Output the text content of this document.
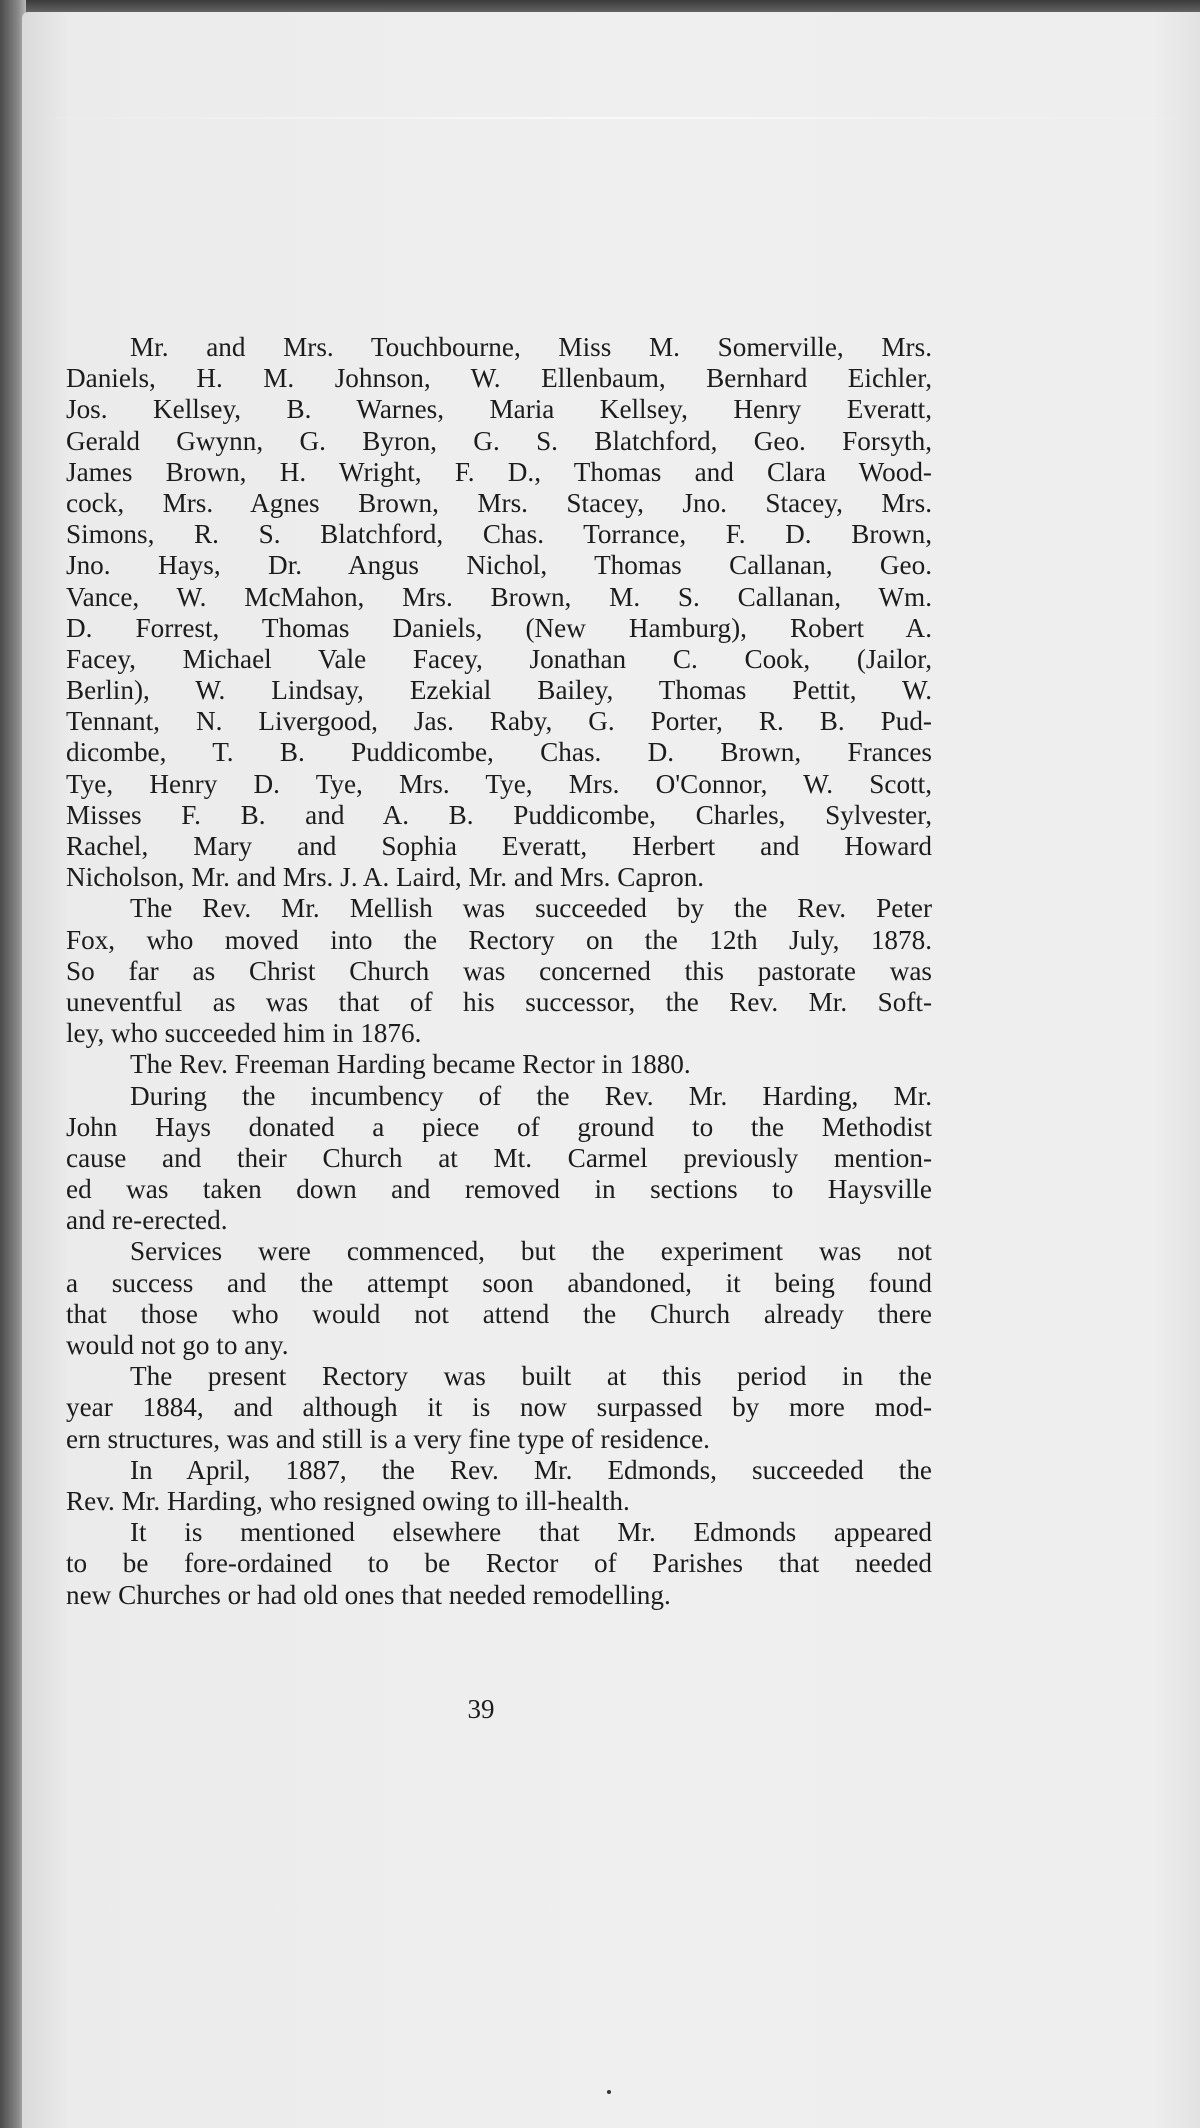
Mr. and Mrs. Touchbourne, Miss M. Somerville, Mrs.
Daniels, H. M. Johnson, W. Ellenbaum, Bernhard Eichler,
Jos. Kellsey, B. Warnes, Maria Kellsey, Henry Everatt,
Gerald Gwynn, G. Byron, G. S. Blatchford, Geo. Forsyth,
James Brown, H. Wright, F. D., Thomas and Clara Wood-
cock, Mrs. Agnes Brown, Mrs. Stacey, Jno. Stacey, Mrs.
Simons, R. S. Blatchford, Chas. Torrance, F. D. Brown,
Jno. Hays, Dr. Angus Nichol, Thomas Callanan, Geo.
Vance, W. McMahon, Mrs. Brown, M. S. Callanan, Wm.
D. Forrest, Thomas Daniels, (New Hamburg), Robert A.
Facey, Michael Vale Facey, Jonathan C. Cook, (Jailor,
Berlin), W. Lindsay, Ezekial Bailey, Thomas Pettit, W.
Tennant, N. Livergood, Jas. Raby, G. Porter, R. B. Pud-
dicombe, T. B. Puddicombe, Chas. D. Brown, Frances
Tye, Henry D. Tye, Mrs. Tye, Mrs. O'Connor, W. Scott,
Misses F. B. and A. B. Puddicombe, Charles, Sylvester,
Rachel, Mary and Sophia Everatt, Herbert and Howard
Nicholson, Mr. and Mrs. J. A. Laird, Mr. and Mrs. Capron.
The Rev. Mr. Mellish was succeeded by the Rev. Peter
Fox, who moved into the Rectory on the 12th July, 1878.
So far as Christ Church was concerned this pastorate was
uneventful as was that of his successor, the Rev. Mr. Soft-
ley, who succeeded him in 1876.
The Rev. Freeman Harding became Rector in 1880.
During the incumbency of the Rev. Mr. Harding, Mr.
John Hays donated a piece of ground to the Methodist
cause and their Church at Mt. Carmel previously mention-
ed was taken down and removed in sections to Haysville
and re-erected.
Services were commenced, but the experiment was not
a success and the attempt soon abandoned, it being found
that those who would not attend the Church already there
would not go to any.
The present Rectory was built at this period in the
year 1884, and although it is now surpassed by more mod-
ern structures, was and still is a very fine type of residence.
In April, 1887, the Rev. Mr. Edmonds, succeeded the
Rev. Mr. Harding, who resigned owing to ill-health.
It is mentioned elsewhere that Mr. Edmonds appeared
to be fore-ordained to be Rector of Parishes that needed
new Churches or had old ones that needed remodelling.
39
